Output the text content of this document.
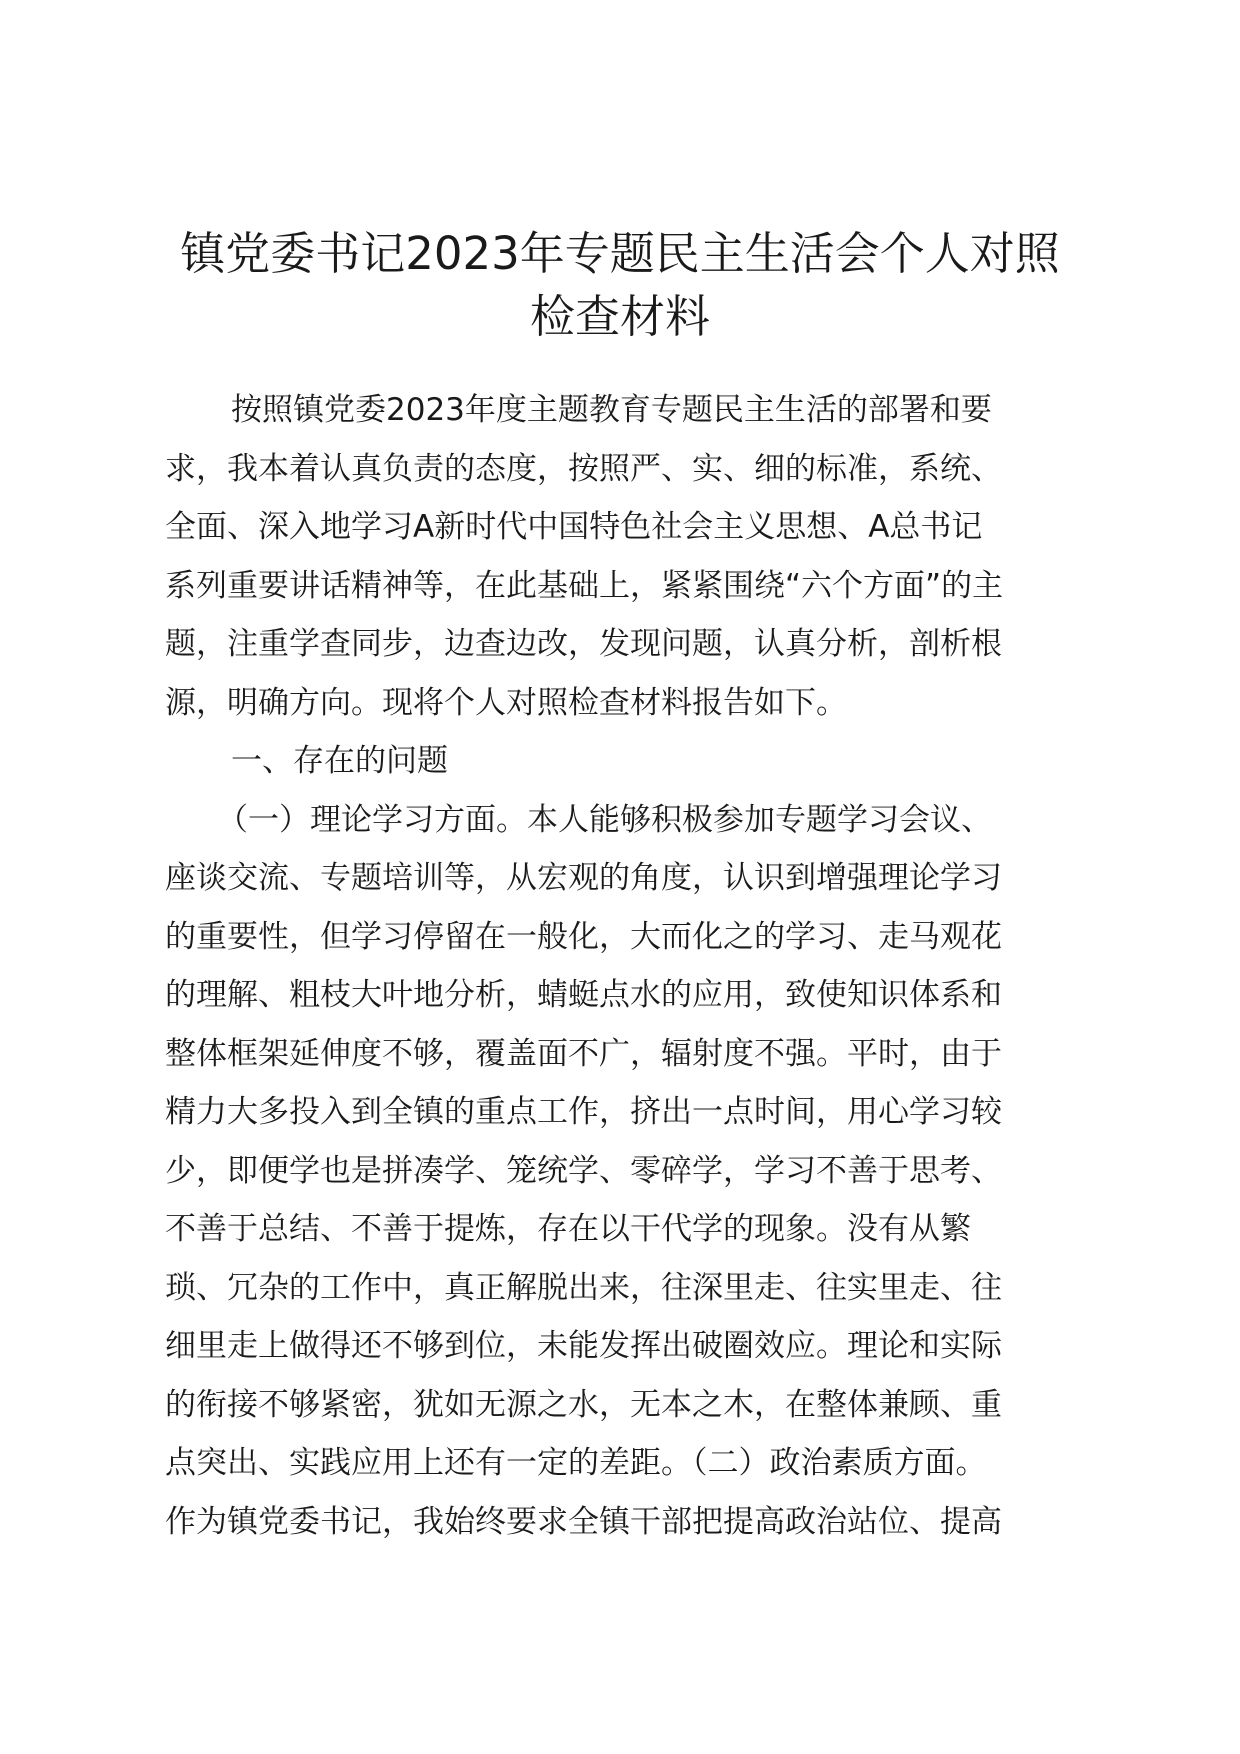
镇党委书记2023年专题民主生活会个人对照
检查材料
按照镇党委2023年度主题教育专题民主生活的部署和要
求，我本着认真负责的态度，按照严、实、细的标准，系统、
全面、深入地学习A新时代中国特色社会主义思想、A总书记
系列重要讲话精神等，在此基础上，紧紧围绕“六个方面”的主
题，注重学查同步，边查边改，发现问题，认真分析，剖析根
源，明确方向。现将个人对照检查材料报告如下。
一、存在的问题
（一）理论学习方面。本人能够积极参加专题学习会议、
座谈交流、专题培训等，从宏观的角度，认识到增强理论学习
的重要性，但学习停留在一般化，大而化之的学习、走马观花
的理解、粗枝大叶地分析，蜻蜓点水的应用，致使知识体系和
整体框架延伸度不够，覆盖面不广，辐射度不强。平时，由于
精力大多投入到全镇的重点工作，挤出一点时间，用心学习较
少，即便学也是拼凑学、笼统学、零碎学，学习不善于思考、
不善于总结、不善于提炼，存在以干代学的现象。没有从繁
琐、冗杂的工作中，真正解脱出来，往深里走、往实里走、往
细里走上做得还不够到位，未能发挥出破圈效应。理论和实际
的衔接不够紧密，犹如无源之水，无本之木，在整体兼顾、重
点突出、实践应用上还有一定的差距。（二）政治素质方面。
作为镇党委书记，我始终要求全镇干部把提高政治站位、提高
